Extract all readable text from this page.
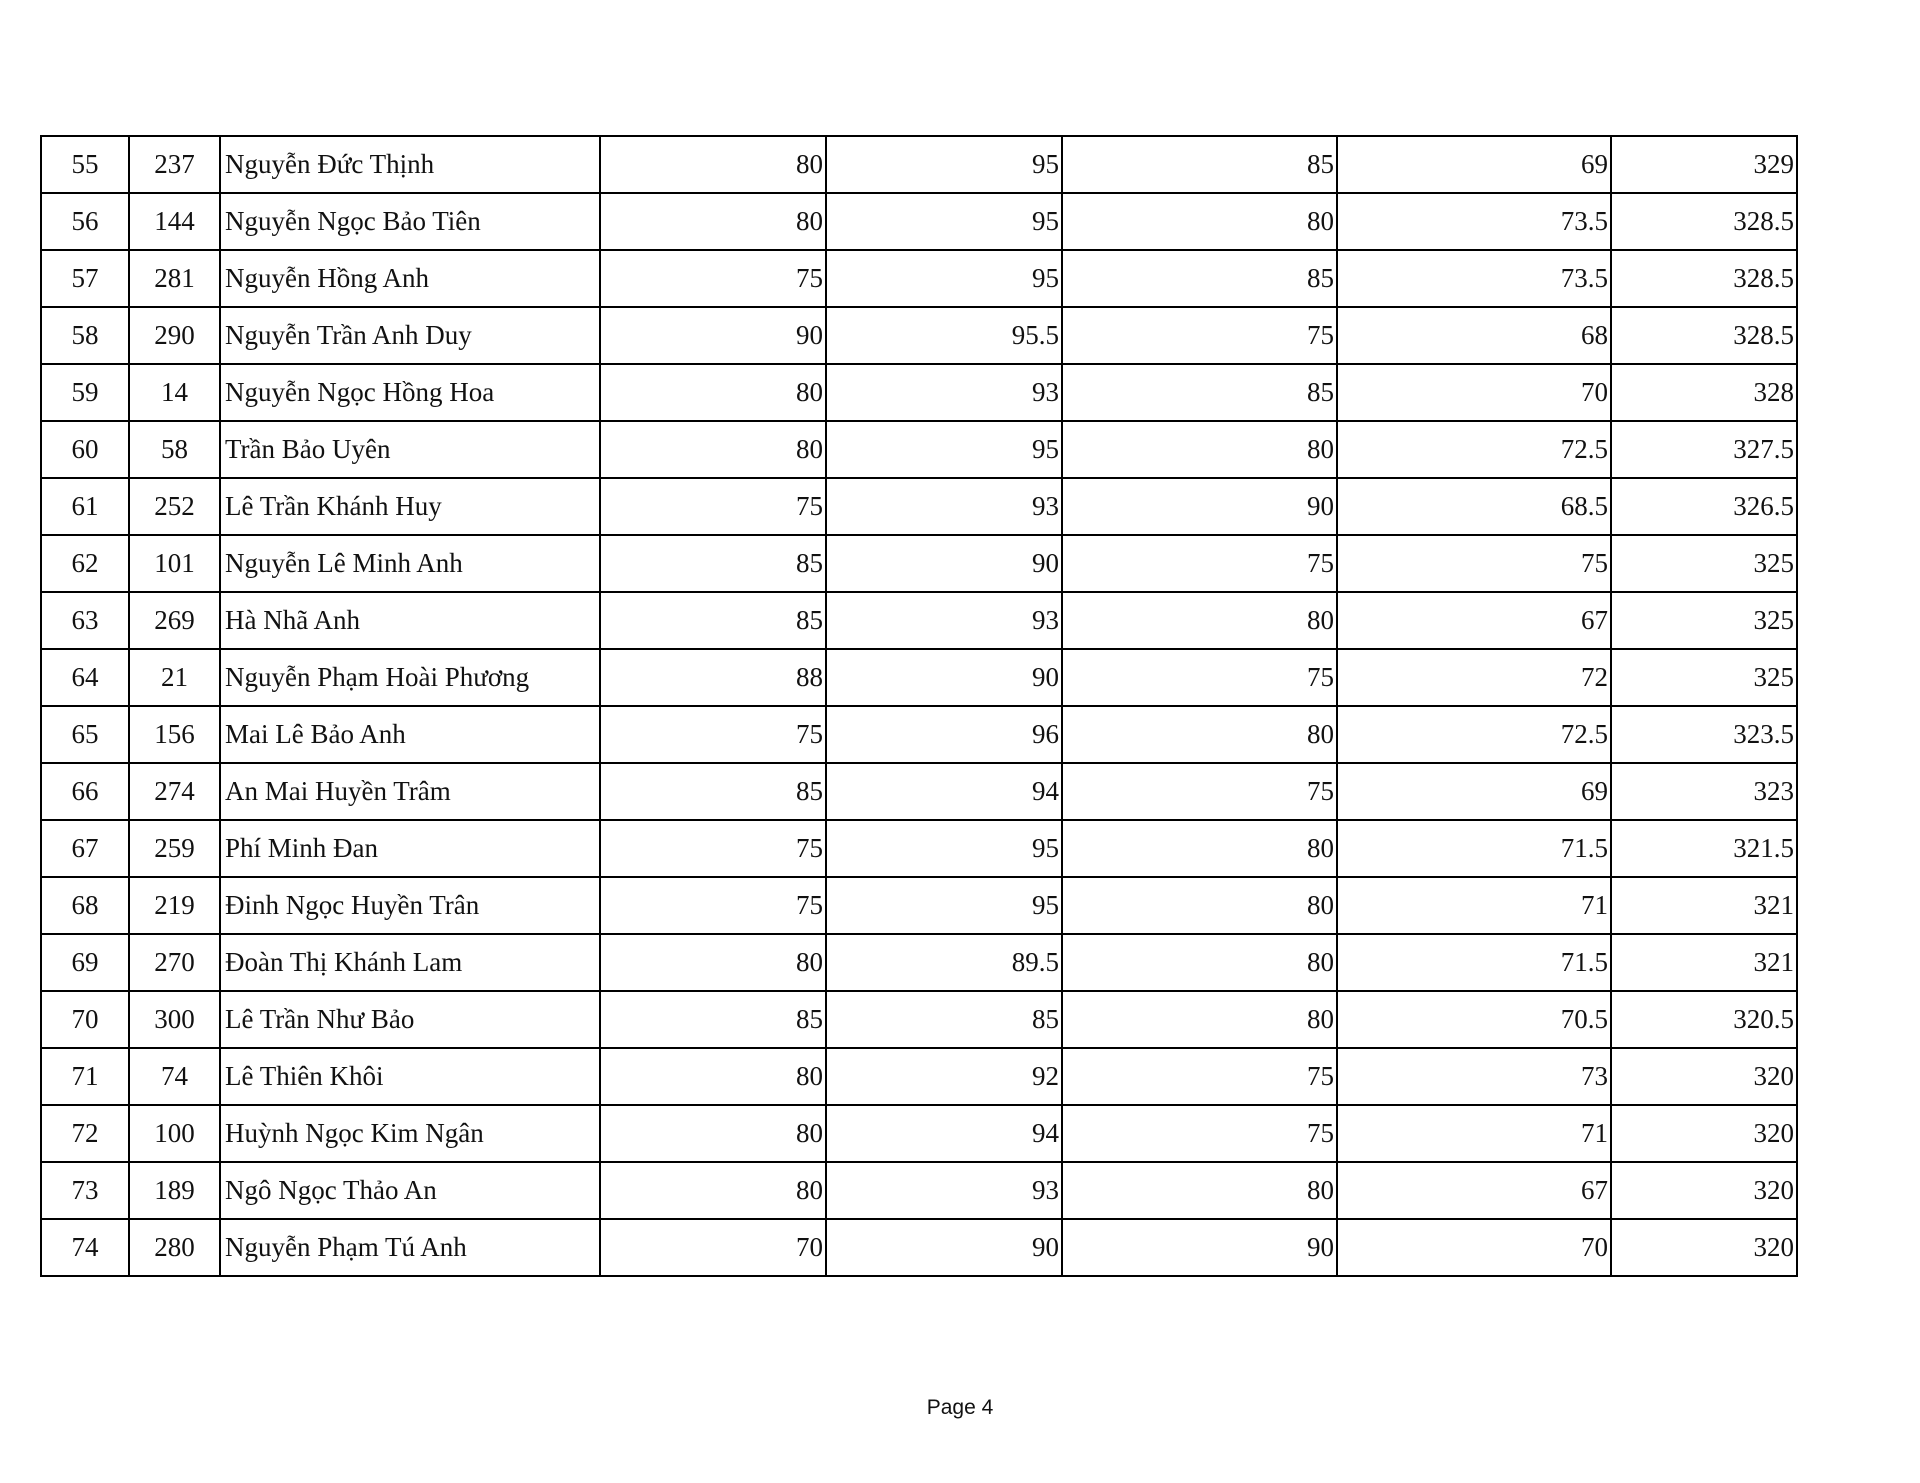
55	237	Nguyễn Đức Thịnh	80	95	85	69	329
56	144	Nguyễn Ngọc Bảo Tiên	80	95	80	73.5	328.5
57	281	Nguyễn Hồng Anh	75	95	85	73.5	328.5
58	290	Nguyễn Trần Anh Duy	90	95.5	75	68	328.5
59	14	Nguyễn Ngọc Hồng Hoa	80	93	85	70	328
60	58	Trần Bảo Uyên	80	95	80	72.5	327.5
61	252	Lê Trần Khánh Huy	75	93	90	68.5	326.5
62	101	Nguyễn Lê Minh Anh	85	90	75	75	325
63	269	Hà Nhã Anh	85	93	80	67	325
64	21	Nguyễn Phạm Hoài Phương	88	90	75	72	325
65	156	Mai Lê Bảo Anh	75	96	80	72.5	323.5
66	274	An Mai Huyền Trâm	85	94	75	69	323
67	259	Phí Minh Đan	75	95	80	71.5	321.5
68	219	Đinh Ngọc Huyền Trân	75	95	80	71	321
69	270	Đoàn Thị Khánh Lam	80	89.5	80	71.5	321
70	300	Lê Trần Như Bảo	85	85	80	70.5	320.5
71	74	Lê Thiên Khôi	80	92	75	73	320
72	100	Huỳnh Ngọc Kim Ngân	80	94	75	71	320
73	189	Ngô Ngọc Thảo An	80	93	80	67	320
74	280	Nguyễn Phạm Tú Anh	70	90	90	70	320
Page 4
